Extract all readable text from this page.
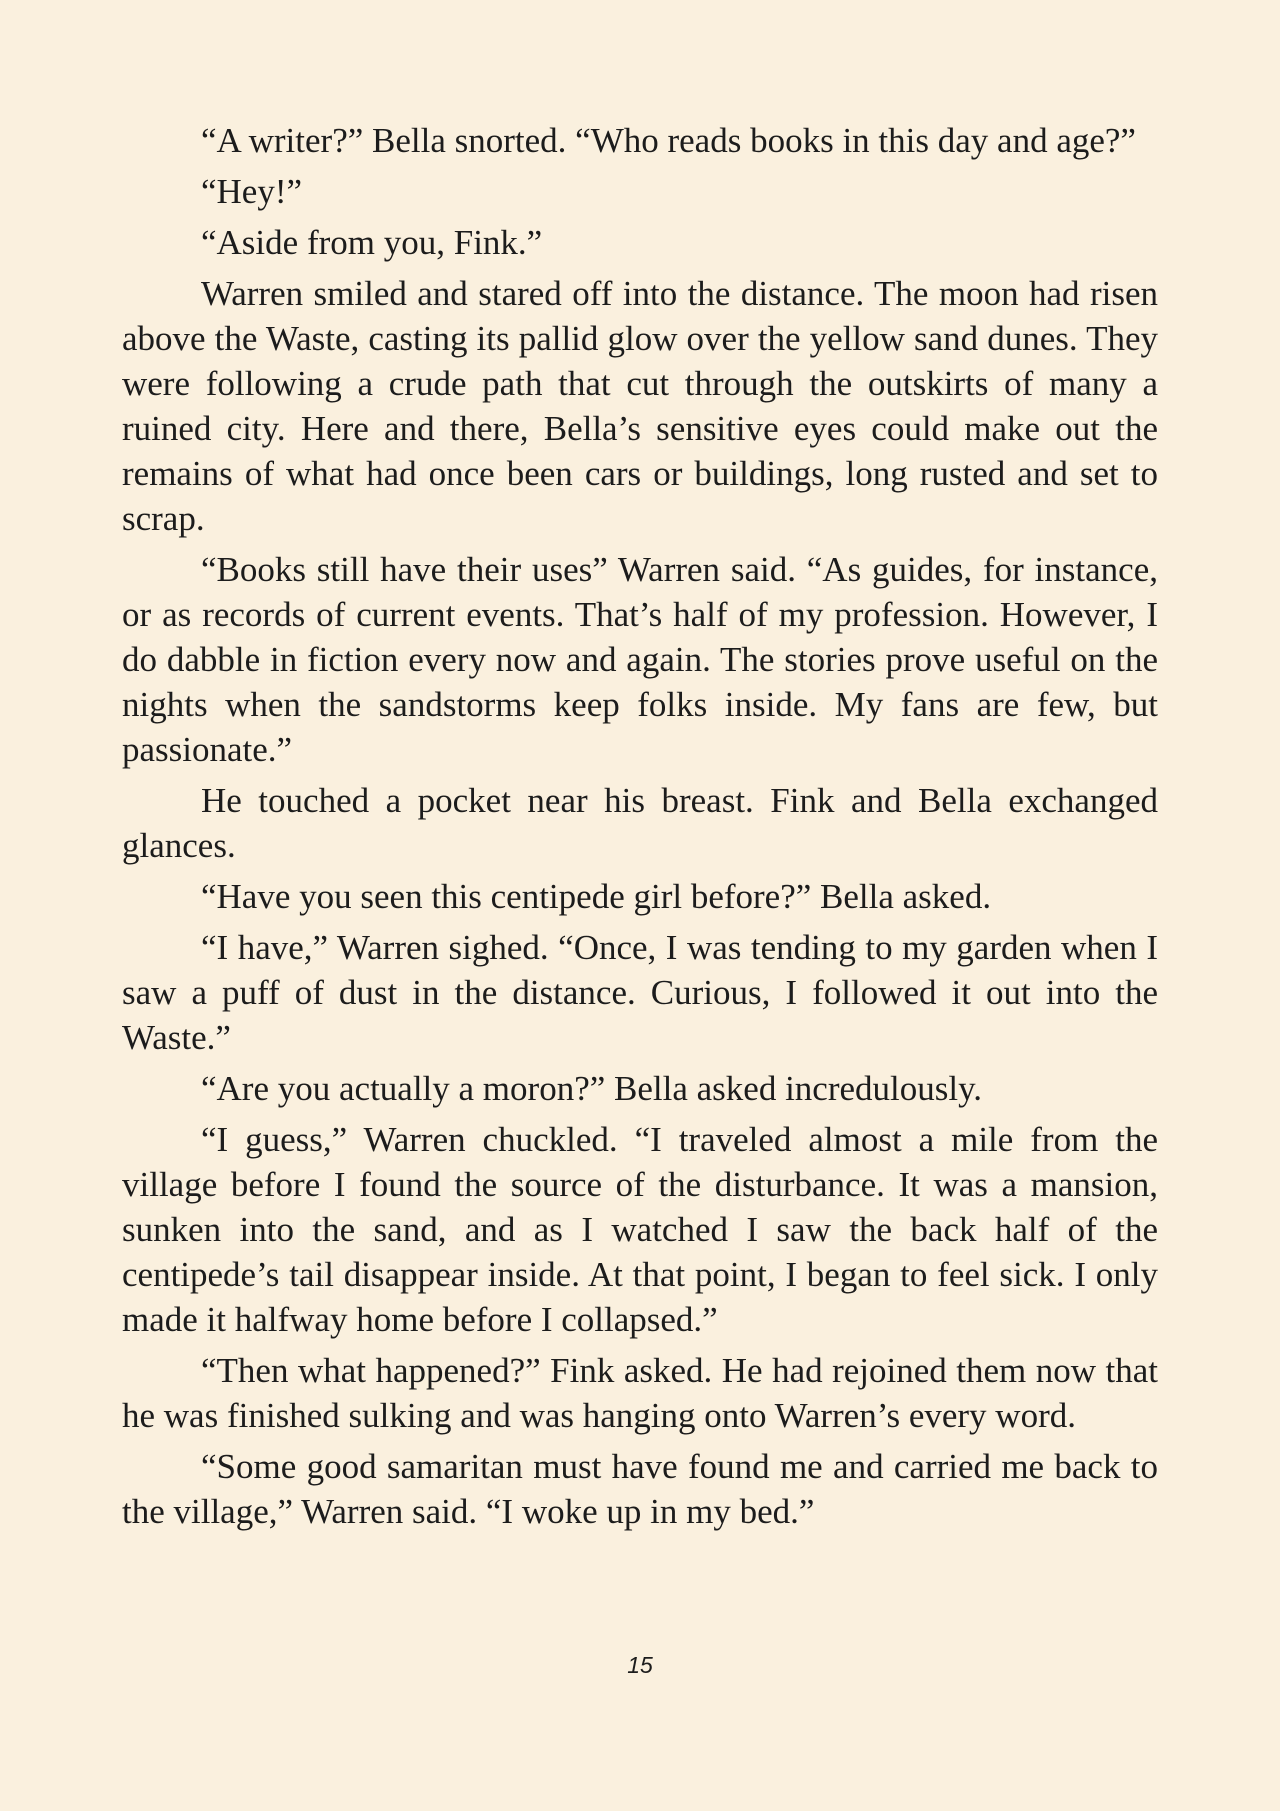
“A writer?” Bella snorted. “Who reads books in this day and age?”

“Hey!”

“Aside from you, Fink.”

Warren smiled and stared off into the distance. The moon had risen above the Waste, casting its pallid glow over the yellow sand dunes. They were following a crude path that cut through the outskirts of many a ruined city. Here and there, Bella’s sensitive eyes could make out the remains of what had once been cars or buildings, long rusted and set to scrap.

“Books still have their uses” Warren said. “As guides, for instance, or as records of current events. That’s half of my profession. However, I do dabble in fiction every now and again. The stories prove useful on the nights when the sandstorms keep folks inside. My fans are few, but passionate.”

He touched a pocket near his breast. Fink and Bella exchanged glances.

“Have you seen this centipede girl before?” Bella asked.

“I have,” Warren sighed. “Once, I was tending to my garden when I saw a puff of dust in the distance. Curious, I followed it out into the Waste.”

“Are you actually a moron?” Bella asked incredulously.

“I guess,” Warren chuckled. “I traveled almost a mile from the village before I found the source of the disturbance. It was a mansion, sunken into the sand, and as I watched I saw the back half of the centipede’s tail disappear inside. At that point, I began to feel sick. I only made it halfway home before I collapsed.”

“Then what happened?” Fink asked. He had rejoined them now that he was finished sulking and was hanging onto Warren’s every word.

“Some good samaritan must have found me and carried me back to the village,” Warren said. “I woke up in my bed.”

15
